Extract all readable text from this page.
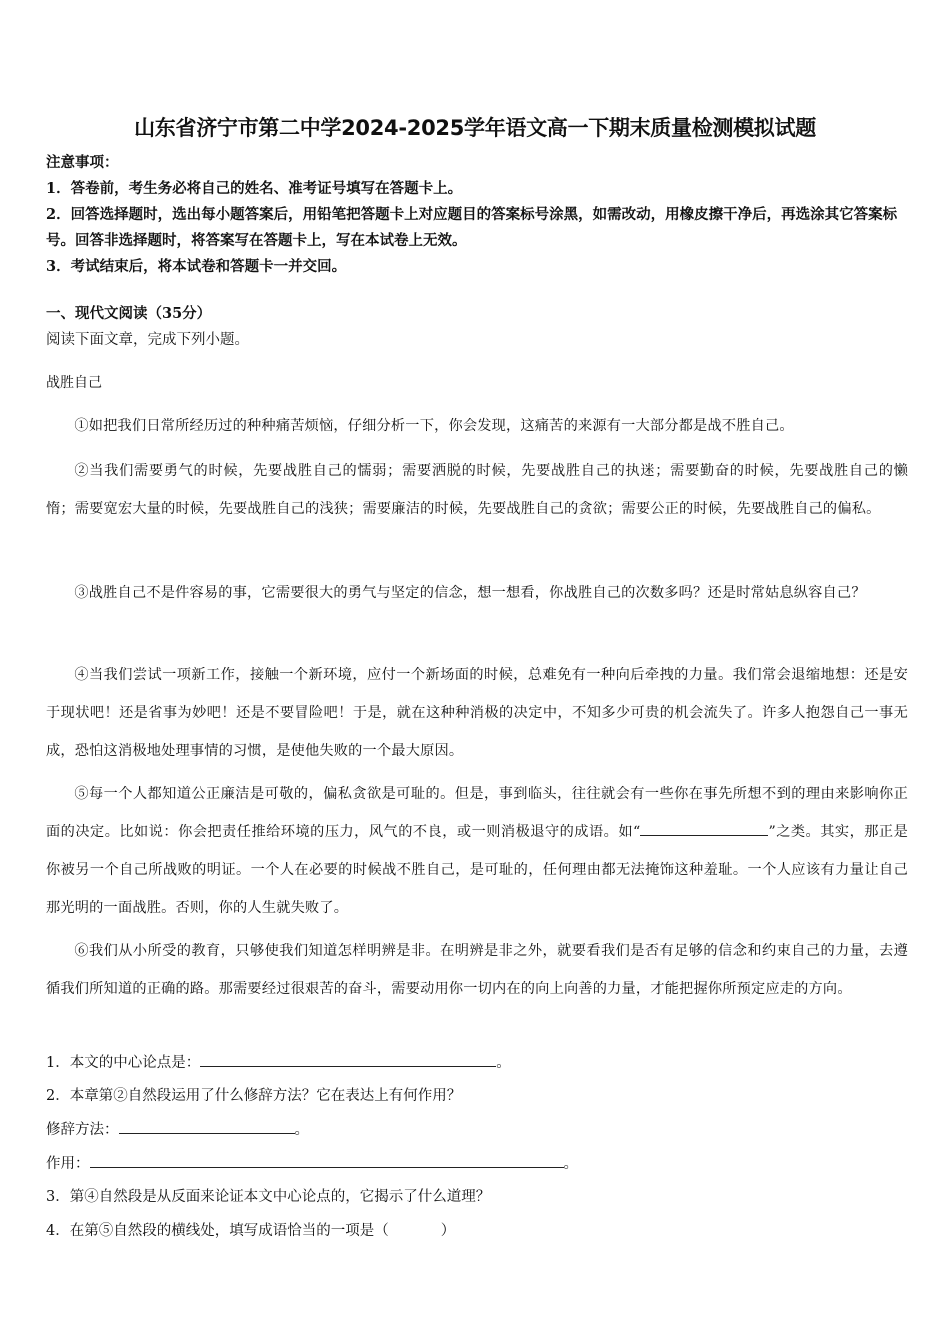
山东省济宁市第二中学2024-2025学年语文高一下期末质量检测模拟试题
注意事项：
1．答卷前，考生务必将自己的姓名、准考证号填写在答题卡上。
2．回答选择题时，选出每小题答案后，用铅笔把答题卡上对应题目的答案标号涂黑，如需改动，用橡皮擦干净后，再选涂其它答案标号。回答非选择题时，将答案写在答题卡上，写在本试卷上无效。
3．考试结束后，将本试卷和答题卡一并交回。
一、现代文阅读（35分）
阅读下面文章，完成下列小题。
战胜自己
①如把我们日常所经历过的种种痛苦烦恼，仔细分析一下，你会发现，这痛苦的来源有一大部分都是战不胜自己。
②当我们需要勇气的时候，先要战胜自己的懦弱；需要洒脱的时候，先要战胜自己的执迷；需要勤奋的时候，先要战胜自己的懒惰；需要宽宏大量的时候，先要战胜自己的浅狭；需要廉洁的时候，先要战胜自己的贪欲；需要公正的时候，先要战胜自己的偏私。
③战胜自己不是件容易的事，它需要很大的勇气与坚定的信念，想一想看，你战胜自己的次数多吗？还是时常姑息纵容自己？
④当我们尝试一项新工作，接触一个新环境，应付一个新场面的时候，总难免有一种向后牵拽的力量。我们常会退缩地想：还是安于现状吧！还是省事为妙吧！还是不要冒险吧！于是，就在这种种消极的决定中，不知多少可贵的机会流失了。许多人抱怨自己一事无成，恐怕这消极地处理事情的习惯，是使他失败的一个最大原因。
⑤每一个人都知道公正廉洁是可敬的，偏私贪欲是可耻的。但是，事到临头，往往就会有一些你在事先所想不到的理由来影响你正面的决定。比如说：你会把责任推给环境的压力，风气的不良，或一则消极退守的成语。如“	”之类。其实，那正是你被另一个自己所战败的明证。一个人在必要的时候战不胜自己，是可耻的，任何理由都无法掩饰这种羞耻。一个人应该有力量让自己那光明的一面战胜。否则，你的人生就失败了。
⑥我们从小所受的教育，只够使我们知道怎样明辨是非。在明辨是非之外，就要看我们是否有足够的信念和约束自己的力量，去遵循我们所知道的正确的路。那需要经过很艰苦的奋斗，需要动用你一切内在的向上向善的力量，才能把握你所预定应走的方向。
1．本文的中心论点是：	。
2．本章第②自然段运用了什么修辞方法？它在表达上有何作用？
修辞方法：	。
作用：	。
3．第④自然段是从反面来论证本文中心论点的，它揭示了什么道理？
4．在第⑤自然段的横线处，填写成语恰当的一项是（	）
